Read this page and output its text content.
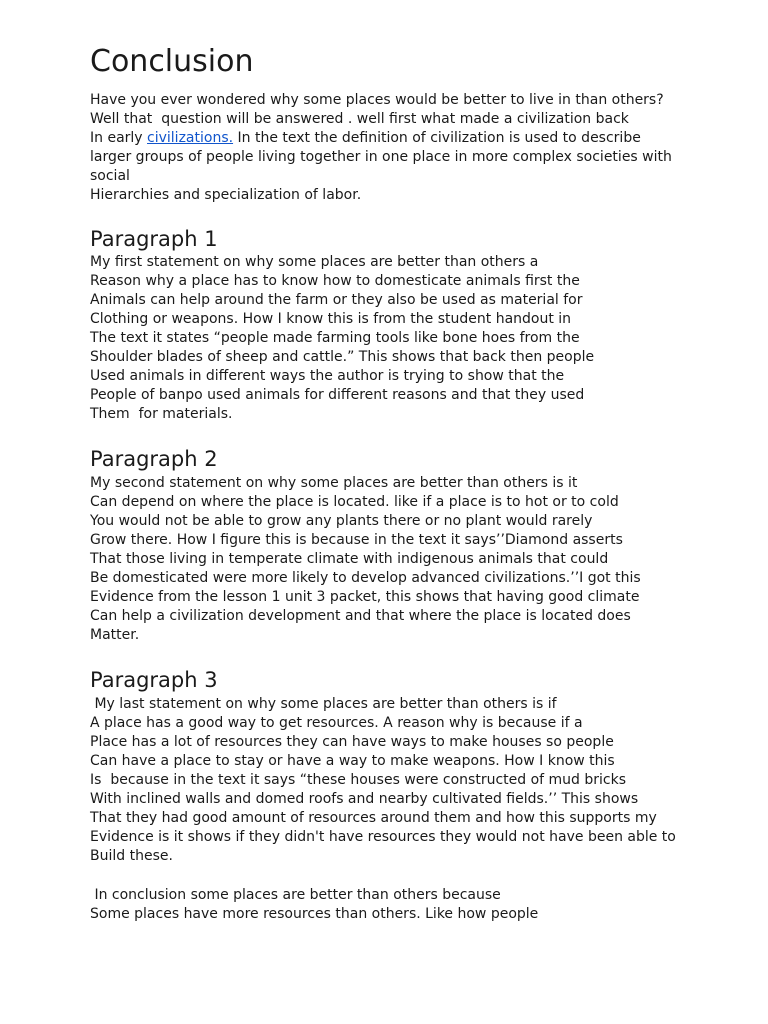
Conclusion
Have you ever wondered why some places would be better to live in than others?
Well that  question will be answered . well first what made a civilization back
In early civilizations. In the text the definition of civilization is used to describe
larger groups of people living together in one place in more complex societies with
social
Hierarchies and specialization of labor.
Paragraph 1
My first statement on why some places are better than others a
Reason why a place has to know how to domesticate animals first the
Animals can help around the farm or they also be used as material for
Clothing or weapons. How I know this is from the student handout in
The text it states “people made farming tools like bone hoes from the
Shoulder blades of sheep and cattle.” This shows that back then people
Used animals in different ways the author is trying to show that the
People of banpo used animals for different reasons and that they used
Them  for materials.
Paragraph 2
My second statement on why some places are better than others is it
Can depend on where the place is located. like if a place is to hot or to cold
You would not be able to grow any plants there or no plant would rarely
Grow there. How I figure this is because in the text it says’’Diamond asserts
That those living in temperate climate with indigenous animals that could
Be domesticated were more likely to develop advanced civilizations.’’I got this
Evidence from the lesson 1 unit 3 packet, this shows that having good climate
Can help a civilization development and that where the place is located does
Matter.
Paragraph 3
My last statement on why some places are better than others is if
A place has a good way to get resources. A reason why is because if a
Place has a lot of resources they can have ways to make houses so people
Can have a place to stay or have a way to make weapons. How I know this
Is  because in the text it says “these houses were constructed of mud bricks
With inclined walls and domed roofs and nearby cultivated fields.’’ This shows
That they had good amount of resources around them and how this supports my
Evidence is it shows if they didn't have resources they would not have been able to
Build these.
In conclusion some places are better than others because
Some places have more resources than others. Like how people
